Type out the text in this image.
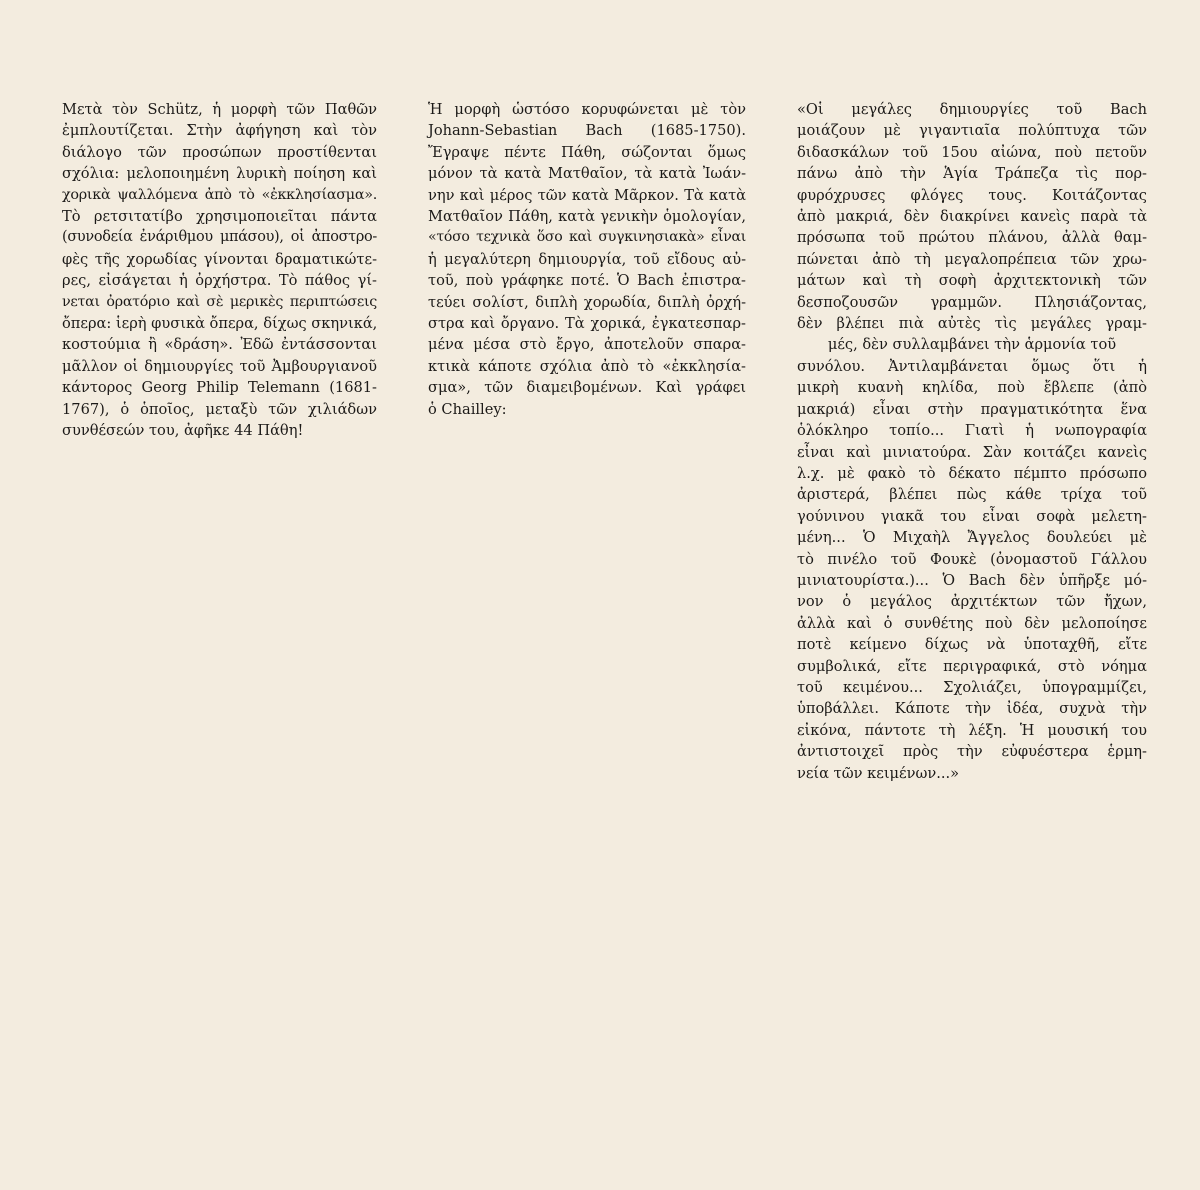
Μετὰ τὸν Schütz, ἡ μορφὴ τῶν Παθῶν
ἐμπλουτίζεται. Στὴν ἀφήγηση καὶ τὸν
διάλογο τῶν προσώπων προστίθενται
σχόλια: μελοποιημένη λυρικὴ ποίηση καὶ
χορικὰ ψαλλόμενα ἀπὸ τὸ «ἐκκλησίασμα».
Τὸ ρετσιτατίβο χρησιμοποιεῖται πάντα
(συνοδεία ἐνάριθμου μπάσου), οἱ ἀποστρο-
φὲς τῆς χορωδίας γίνονται δραματικώτε-
ρες, εἰσάγεται ἡ ὀρχήστρα. Τὸ πάθος γί-
νεται ὀρατόριο καὶ σὲ μερικὲς περιπτώσεις
ὄπερα: ἱερὴ φυσικὰ ὄπερα, δίχως σκηνικά,
κοστούμια ἢ «δράση». Ἐδῶ ἐντάσσονται
μᾶλλον οἱ δημιουργίες τοῦ Ἀμβουργιανοῦ
κάντορος Georg Philip Telemann (1681-
1767), ὁ ὁποῖος, μεταξὺ τῶν χιλιάδων
συνθέσεών του, ἀφῆκε 44 Πάθη!
Ἡ μορφὴ ὡστόσο κορυφώνεται μὲ τὸν
Johann-Sebastian Bach (1685-1750).
Ἔγραψε πέντε Πάθη, σώζονται ὅμως
μόνον τὰ κατὰ Ματθαῖον, τὰ κατὰ Ἰωάν-
νην καὶ μέρος τῶν κατὰ Μᾶρκον. Τὰ κατὰ
Ματθαῖον Πάθη, κατὰ γενικὴν ὁμολογίαν,
«τόσο τεχνικὰ ὅσο καὶ συγκινησιακὰ» εἶναι
ἡ μεγαλύτερη δημιουργία, τοῦ εἴδους αὐ-
τοῦ, ποὺ γράφηκε ποτέ. Ὁ Bach ἐπιστρα-
τεύει σολίστ, διπλὴ χορωδία, διπλὴ ὀρχή-
στρα καὶ ὄργανο. Τὰ χορικά, ἐγκατεσπαρ-
μένα μέσα στὸ ἔργο, ἀποτελοῦν σπαρα-
κτικὰ κάποτε σχόλια ἀπὸ τὸ «ἐκκλησία-
σμα», τῶν διαμειβομένων. Καὶ γράφει
ὁ Chailley:
«Οἱ μεγάλες δημιουργίες τοῦ Bach
μοιάζουν μὲ γιγαντιαῖα πολύπτυχα τῶν
διδασκάλων τοῦ 15ου αἰώνα, ποὺ πετοῦν
πάνω ἀπὸ τὴν Ἁγία Τράπεζα τὶς πορ-
φυρόχρυσες φλόγες τους. Κοιτάζοντας
ἀπὸ μακριά, δὲν διακρίνει κανεὶς παρὰ τὰ
πρόσωπα τοῦ πρώτου πλάνου, ἀλλὰ θαμ-
πώνεται ἀπὸ τὴ μεγαλοπρέπεια τῶν χρω-
μάτων καὶ τὴ σοφὴ ἀρχιτεκτονικὴ τῶν
δεσποζουσῶν γραμμῶν. Πλησιάζοντας,
δὲν βλέπει πιὰ αὐτὲς τὶς μεγάλες γραμ-
μές, δὲν συλλαμβάνει τὴν ἁρμονία τοῦ
συνόλου. Ἀντιλαμβάνεται ὅμως ὅτι ἡ
μικρὴ κυανὴ κηλίδα, ποὺ ἔβλεπε (ἀπὸ
μακριά) εἶναι στὴν πραγματικότητα ἕνα
ὁλόκληρο τοπίο... Γιατὶ ἡ νωπογραφία
εἶναι καὶ μινιατούρα. Σὰν κοιτάζει κανεὶς
λ.χ. μὲ φακὸ τὸ δέκατο πέμπτο πρόσωπο
ἀριστερά, βλέπει πὼς κάθε τρίχα τοῦ
γούνινου γιακᾶ του εἶναι σοφὰ μελετη-
μένη... Ὁ Μιχαὴλ Ἄγγελος δουλεύει μὲ
τὸ πινέλο τοῦ Φουκὲ (ὀνομαστοῦ Γάλλου
μινιατουρίστα.)... Ὁ Bach δὲν ὑπῆρξε μό-
νον ὁ μεγάλος ἀρχιτέκτων τῶν ἤχων,
ἀλλὰ καὶ ὁ συνθέτης ποὺ δὲν μελοποίησε
ποτὲ κείμενο δίχως νὰ ὑποταχθῆ, εἴτε
συμβολικά, εἴτε περιγραφικά, στὸ νόημα
τοῦ κειμένου... Σχολιάζει, ὑπογραμμίζει,
ὑποβάλλει. Κάποτε τὴν ἰδέα, συχνὰ τὴν
εἰκόνα, πάντοτε τὴ λέξη. Ἡ μουσική του
ἀντιστοιχεῖ πρὸς τὴν εὐφυέστερα ἑρμη-
νεία τῶν κειμένων...»
